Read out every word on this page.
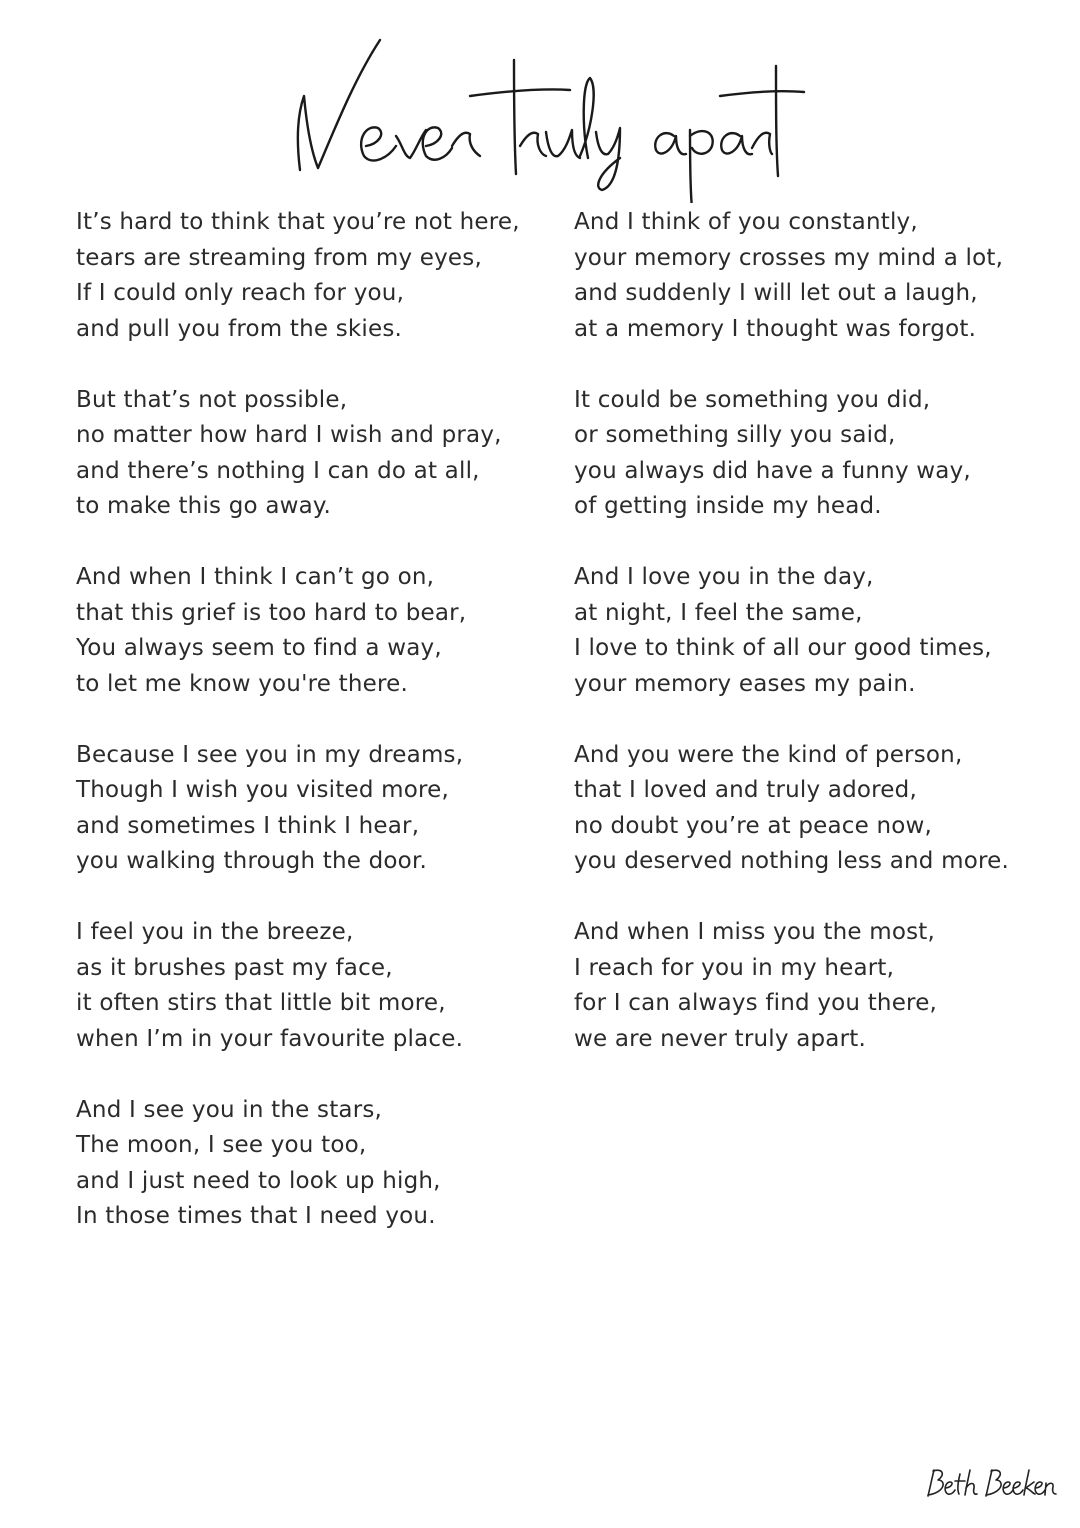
It’s hard to think that you’re not here,
tears are streaming from my eyes,
If I could only reach for you,
and pull you from the skies.
But that’s not possible,
no matter how hard I wish and pray,
and there’s nothing I can do at all,
to make this go away.
And when I think I can’t go on,
that this grief is too hard to bear,
You always seem to find a way,
to let me know you're there.
Because I see you in my dreams,
Though I wish you visited more,
and sometimes I think I hear,
you walking through the door.
I feel you in the breeze,
as it brushes past my face,
it often stirs that little bit more,
when I’m in your favourite place.
And I see you in the stars,
The moon, I see you too,
and I just need to look up high,
In those times that I need you.
And I think of you constantly,
your memory crosses my mind a lot,
and suddenly I will let out a laugh,
at a memory I thought was forgot.
It could be something you did,
or something silly you said,
you always did have a funny way,
of getting inside my head.
And I love you in the day,
at night, I feel the same,
I love to think of all our good times,
your memory eases my pain.
And you were the kind of person,
that I loved and truly adored,
no doubt you’re at peace now,
you deserved nothing less and more.
And when I miss you the most,
I reach for you in my heart,
for I can always find you there,
we are never truly apart.
